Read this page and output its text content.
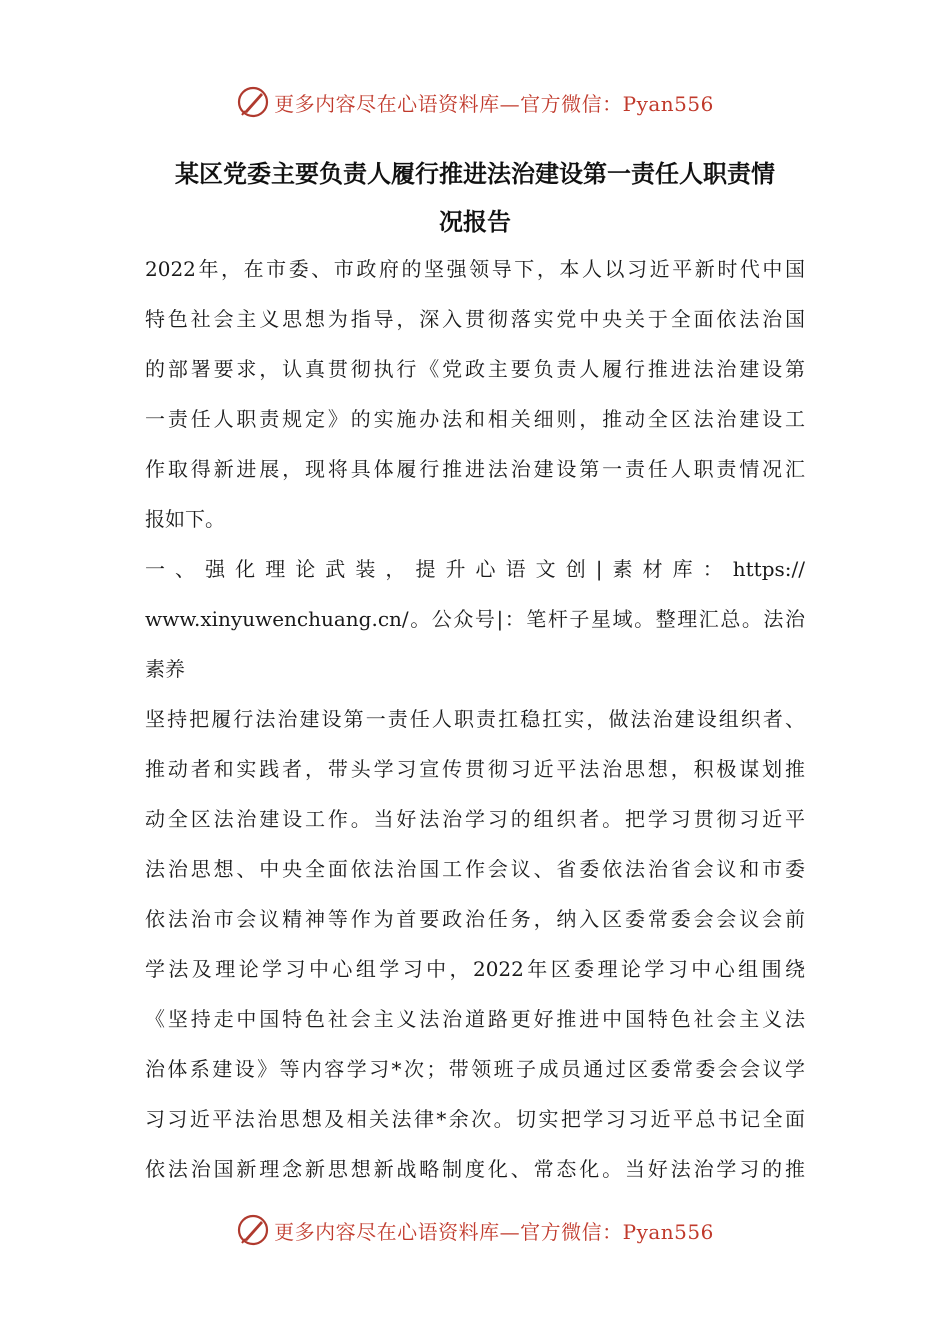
更多内容尽在心语资料库—官方微信：Pyan556
某区党委主要负责人履行推进法治建设第一责任人职责情
况报告
2022年，在市委、市政府的坚强领导下，本人以习近平新时代中国
特色社会主义思想为指导，深入贯彻落实党中央关于全面依法治国
的部署要求，认真贯彻执行《党政主要负责人履行推进法治建设第
一责任人职责规定》的实施办法和相关细则，推动全区法治建设工
作取得新进展，现将具体履行推进法治建设第一责任人职责情况汇
报如下。
一、强化理论武装，提升心语文创|素材库：https://
www.xinyuwenchuang.cn/。公众号|：笔杆子星域。整理汇总。法治
素养
坚持把履行法治建设第一责任人职责扛稳扛实，做法治建设组织者、
推动者和实践者，带头学习宣传贯彻习近平法治思想，积极谋划推
动全区法治建设工作。当好法治学习的组织者。把学习贯彻习近平
法治思想、中央全面依法治国工作会议、省委依法治省会议和市委
依法治市会议精神等作为首要政治任务，纳入区委常委会会议会前
学法及理论学习中心组学习中，2022年区委理论学习中心组围绕
《坚持走中国特色社会主义法治道路更好推进中国特色社会主义法
治体系建设》等内容学习*次；带领班子成员通过区委常委会会议学
习习近平法治思想及相关法律*余次。切实把学习习近平总书记全面
依法治国新理念新思想新战略制度化、常态化。当好法治学习的推
更多内容尽在心语资料库—官方微信：Pyan556
